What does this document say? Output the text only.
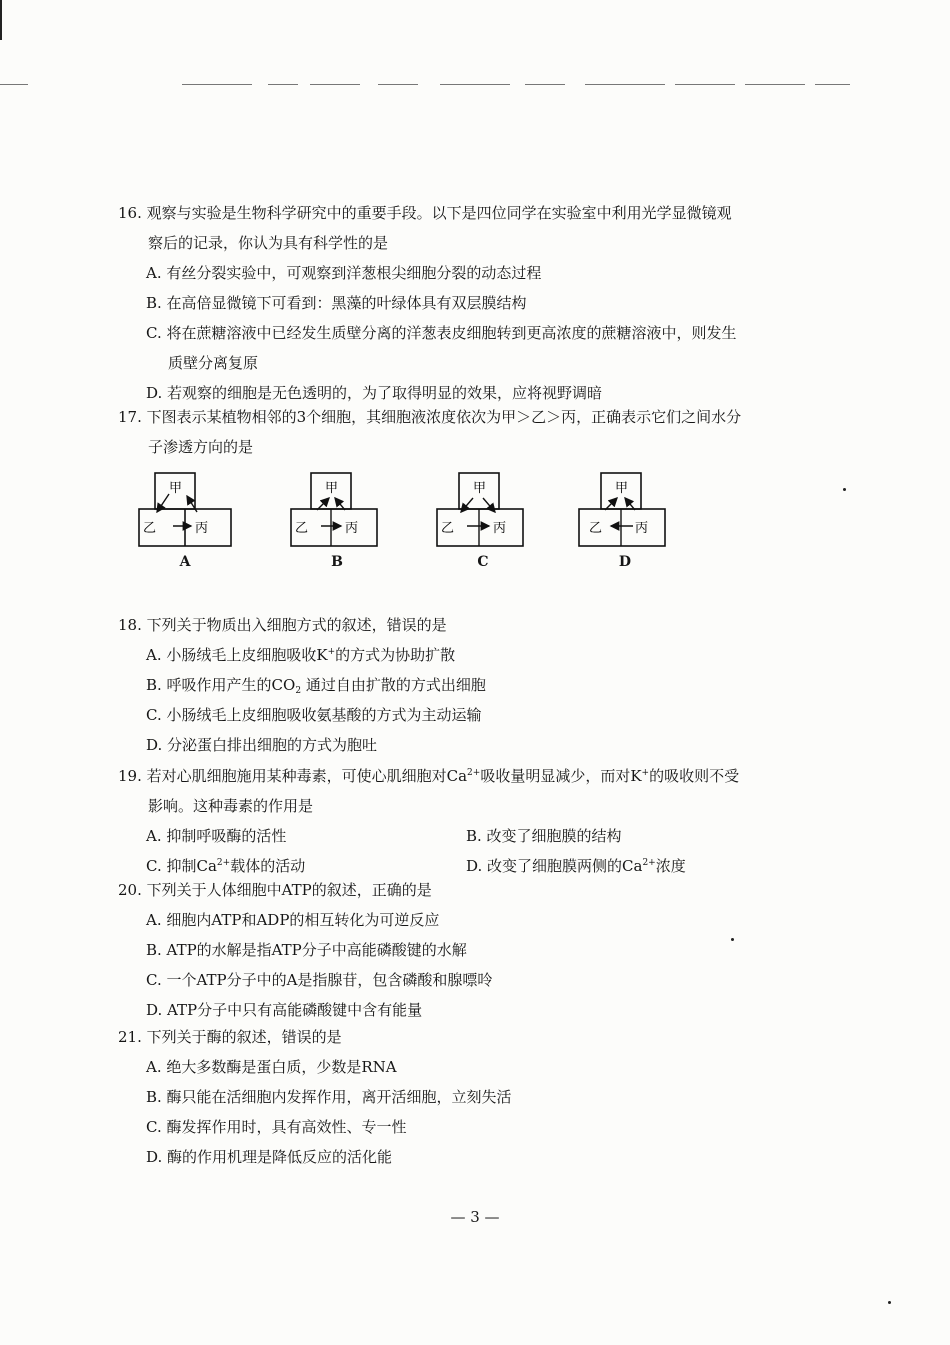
16. 观察与实验是生物科学研究中的重要手段。以下是四位同学在实验室中利用光学显微镜观
察后的记录，你认为具有科学性的是
A. 有丝分裂实验中，可观察到洋葱根尖细胞分裂的动态过程
B. 在高倍显微镜下可看到：黑藻的叶绿体具有双层膜结构
C. 将在蔗糖溶液中已经发生质壁分离的洋葱表皮细胞转到更高浓度的蔗糖溶液中，则发生
质壁分离复原
D. 若观察的细胞是无色透明的，为了取得明显的效果，应将视野调暗
17. 下图表示某植物相邻的3个细胞，其细胞液浓度依次为甲＞乙＞丙，正确表示它们之间水分
子渗透方向的是
甲
乙	丙
A
甲
乙	丙
B
甲
乙	丙
C
甲
乙	丙
D
18. 下列关于物质出入细胞方式的叙述，错误的是
A. 小肠绒毛上皮细胞吸收K+的方式为协助扩散
B. 呼吸作用产生的$CO_2$ 通过自由扩散的方式出细胞
C. 小肠绒毛上皮细胞吸收氨基酸的方式为主动运输
D. 分泌蛋白排出细胞的方式为胞吐
19. 若对心肌细胞施用某种毒素，可使心肌细胞对$Ca^{2+}$吸收量明显减少，而对K+的吸收则不受
影响。这种毒素的作用是
A. 抑制呼吸酶的活性	B. 改变了细胞膜的结构
C. 抑制$Ca^{2+}$载体的活动	D. 改变了细胞膜两侧的$Ca^{2+}$浓度
20. 下列关于人体细胞中ATP的叙述，正确的是
A. 细胞内ATP和ADP的相互转化为可逆反应
B. ATP的水解是指ATP分子中高能磷酸键的水解
C. 一个ATP分子中的A是指腺苷，包含磷酸和腺嘌呤
D. ATP分子中只有高能磷酸键中含有能量
21. 下列关于酶的叙述，错误的是
A. 绝大多数酶是蛋白质，少数是RNA
B. 酶只能在活细胞内发挥作用，离开活细胞，立刻失活
C. 酶发挥作用时，具有高效性、专一性
D. 酶的作用机理是降低反应的活化能
— 3 —
